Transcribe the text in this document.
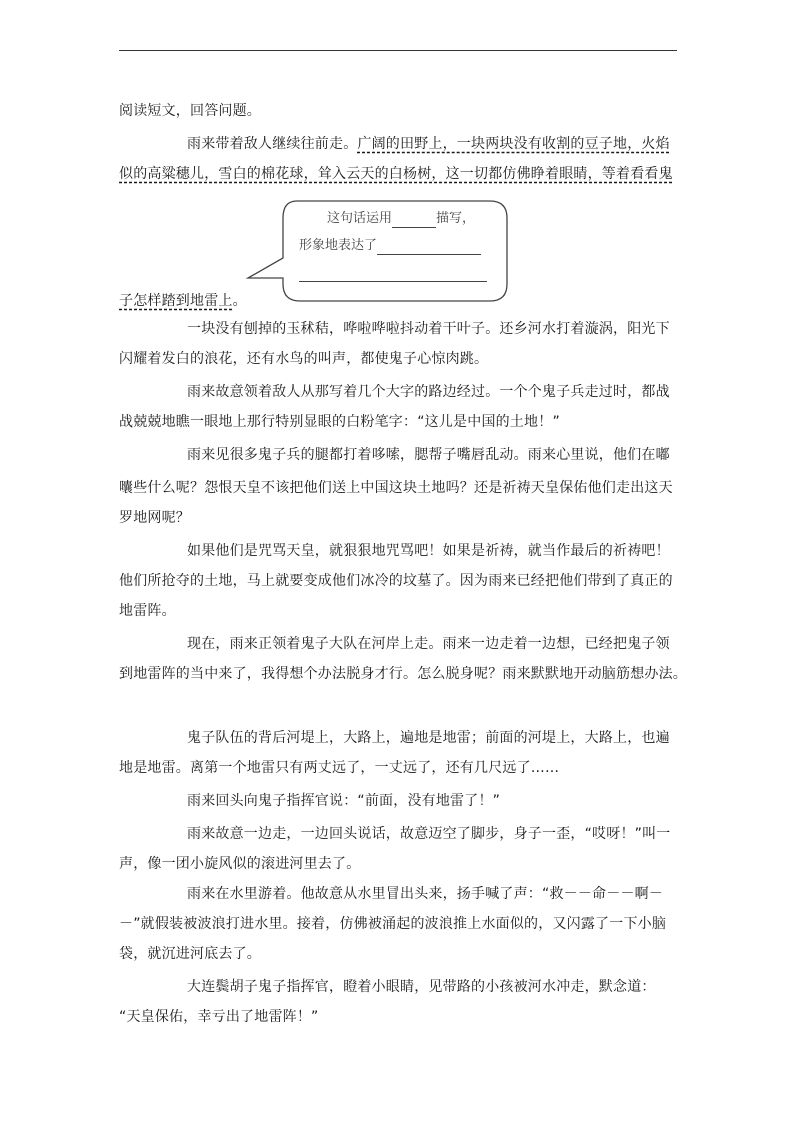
阅读短文，回答问题。
雨来带着敌人继续往前走。广阔的田野上，一块两块没有收割的豆子地，火焰
似的高粱穗儿，雪白的棉花球，耸入云天的白杨树，这一切都仿佛睁着眼睛，等着看看鬼
子怎样踏到地雷上。
这句话运用	描写，
形象地表达了
一块没有刨掉的玉秫秸，哗啦哗啦抖动着干叶子。还乡河水打着漩涡，阳光下
闪耀着发白的浪花，还有水鸟的叫声，都使鬼子心惊肉跳。
雨来故意领着敌人从那写着几个大字的路边经过。一个个鬼子兵走过时，都战
战兢兢地瞧一眼地上那行特别显眼的白粉笔字：“这儿是中国的土地！”
雨来见很多鬼子兵的腿都打着哆嗦，腮帮子嘴唇乱动。雨来心里说，他们在嘟
囔些什么呢？怨恨天皇不该把他们送上中国这块土地吗？还是祈祷天皇保佑他们走出这天
罗地网呢？
如果他们是咒骂天皇，就狠狠地咒骂吧！如果是祈祷，就当作最后的祈祷吧！
他们所抢夺的土地，马上就要变成他们冰冷的坟墓了。因为雨来已经把他们带到了真正的
地雷阵。
现在，雨来正领着鬼子大队在河岸上走。雨来一边走着一边想，已经把鬼子领
到地雷阵的当中来了，我得想个办法脱身才行。怎么脱身呢？雨来默默地开动脑筋想办法。
鬼子队伍的背后河堤上，大路上，遍地是地雷；前面的河堤上，大路上，也遍
地是地雷。离第一个地雷只有两丈远了，一丈远了，还有几尺远了……
雨来回头向鬼子指挥官说：“前面，没有地雷了！”
雨来故意一边走，一边回头说话，故意迈空了脚步，身子一歪，“哎呀！”叫一
声，像一团小旋风似的滚进河里去了。
雨来在水里游着。他故意从水里冒出头来，扬手喊了声：“救－－命－－啊－
－”就假装被波浪打进水里。接着，仿佛被涌起的波浪推上水面似的，又闪露了一下小脑
袋，就沉进河底去了。
大连鬓胡子鬼子指挥官，瞪着小眼睛，见带路的小孩被河水冲走，默念道：
“天皇保佑，幸亏出了地雷阵！”
